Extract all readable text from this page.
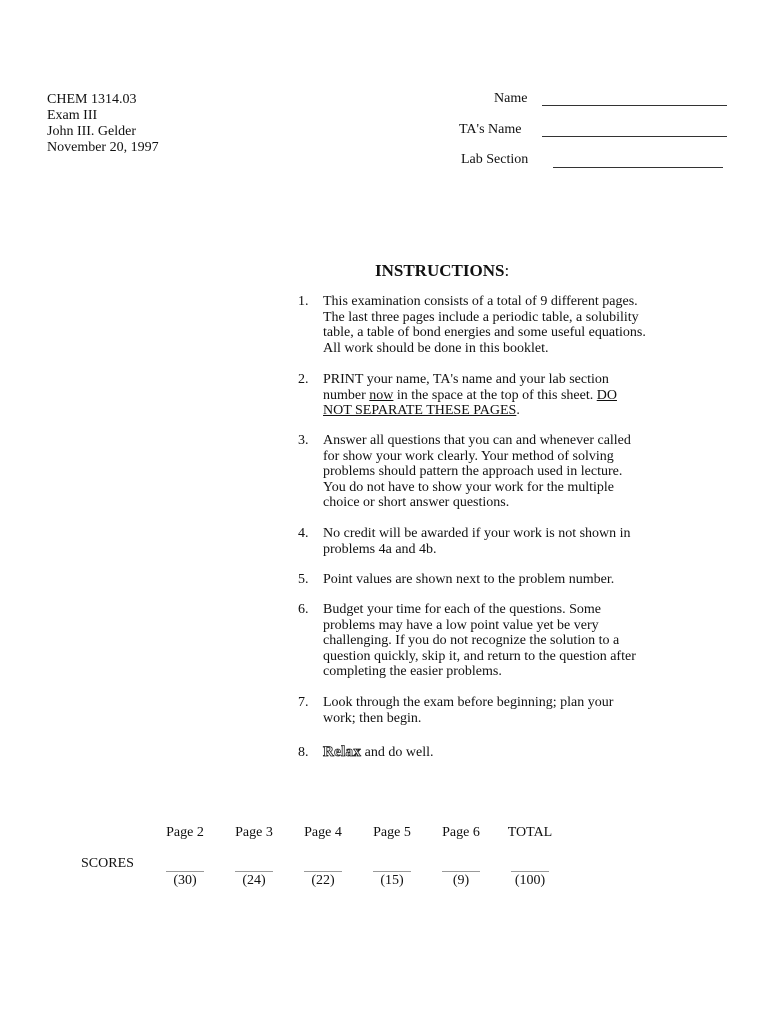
CHEM 1314.03
Exam III
John III. Gelder
November 20, 1997
Name
TA's Name
Lab Section
INSTRUCTIONS:
1. This examination consists of a total of 9 different pages.
The last three pages include a periodic table, a solubility
table, a table of bond energies and some useful equations.
All work should be done in this booklet.
2. PRINT your name, TA's name and your lab section
number now in the space at the top of this sheet. DO
NOT SEPARATE THESE PAGES.
3. Answer all questions that you can and whenever called
for show your work clearly. Your method of solving
problems should pattern the approach used in lecture.
You do not have to show your work for the multiple
choice or short answer questions.
4. No credit will be awarded if your work is not shown in
problems 4a and 4b.
5. Point values are shown next to the problem number.
6. Budget your time for each of the questions. Some
problems may have a low point value yet be very
challenging. If you do not recognize the solution to a
question quickly, skip it, and return to the question after
completing the easier problems.
7. Look through the exam before beginning; plan your
work; then begin.
8. Relax and do well.
SCORES
Page 2	Page 3	Page 4	Page 5	Page 6	TOTAL
(30)	(24)	(22)	(15)	(9)	(100)
